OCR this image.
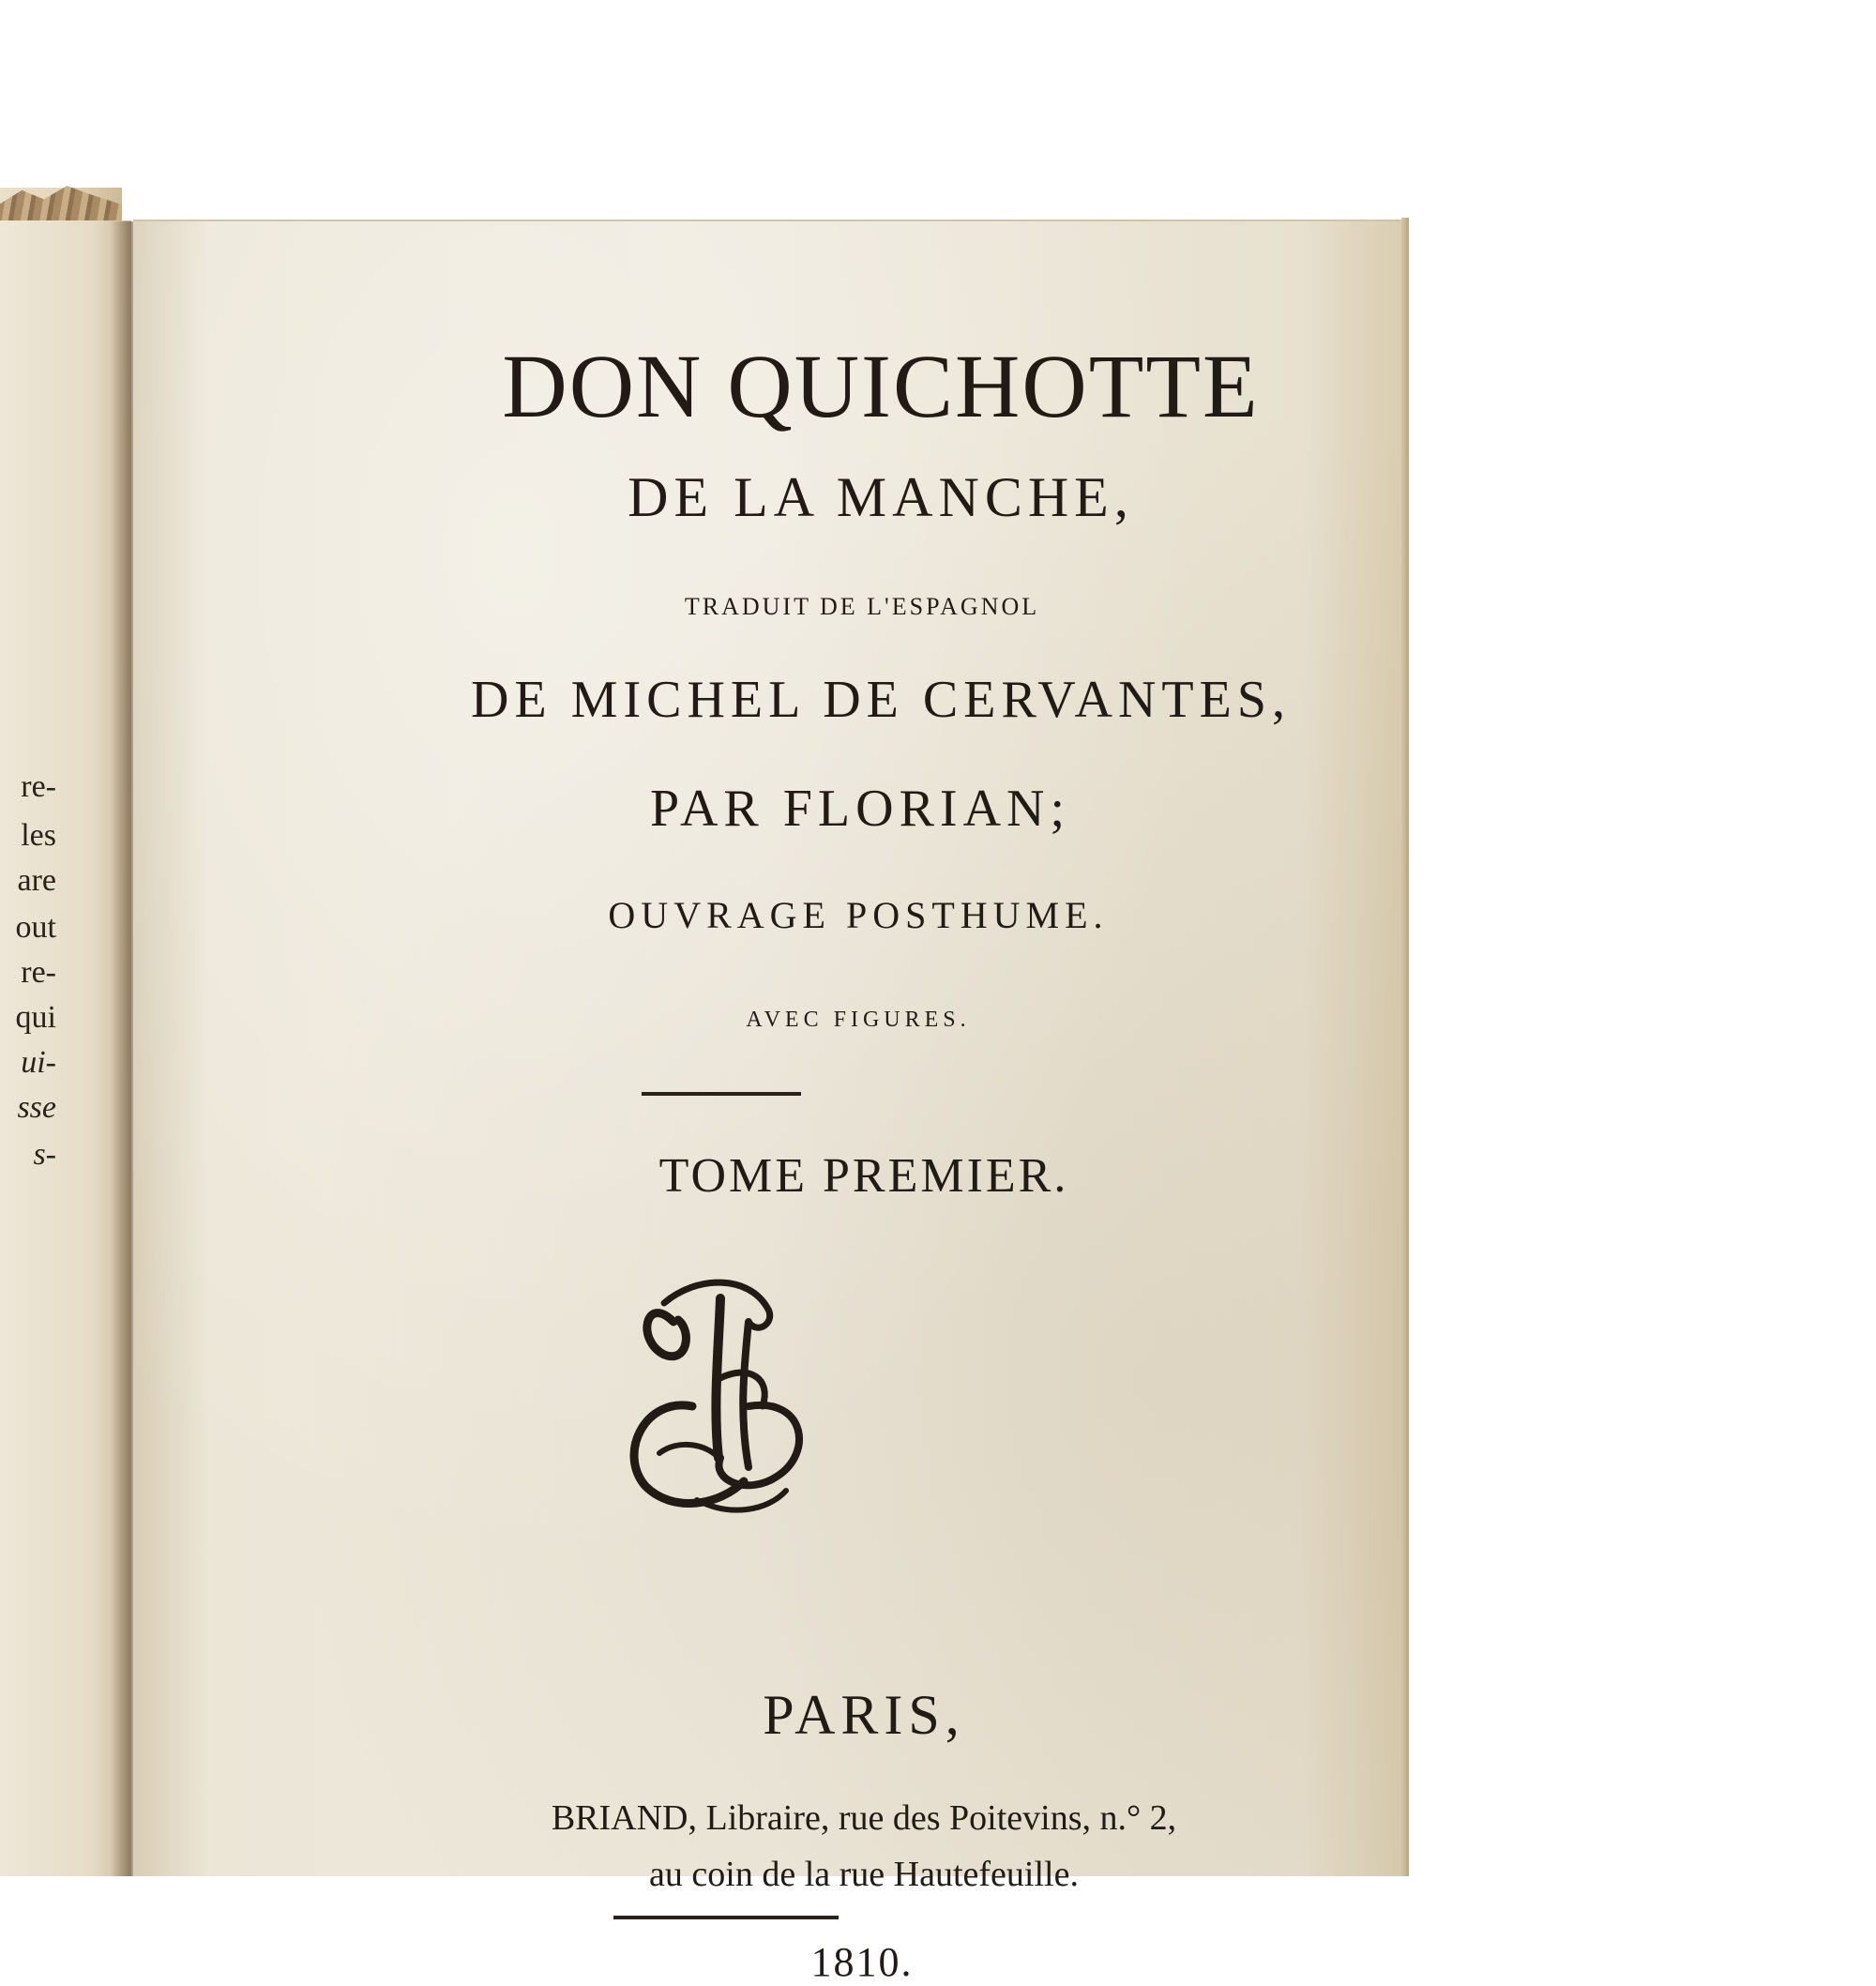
re-
les
are
out
re-
qui
ui-
sse
s-
DON QUICHOTTE
DE LA MANCHE,
TRADUIT DE L'ESPAGNOL
DE MICHEL DE CERVANTES,
PAR FLORIAN;
OUVRAGE POSTHUME.
AVEC FIGURES.
TOME PREMIER.
PARIS,
BRIAND, Libraire, rue des Poitevins, n.° 2,
au coin de la rue Hautefeuille.
1810.
